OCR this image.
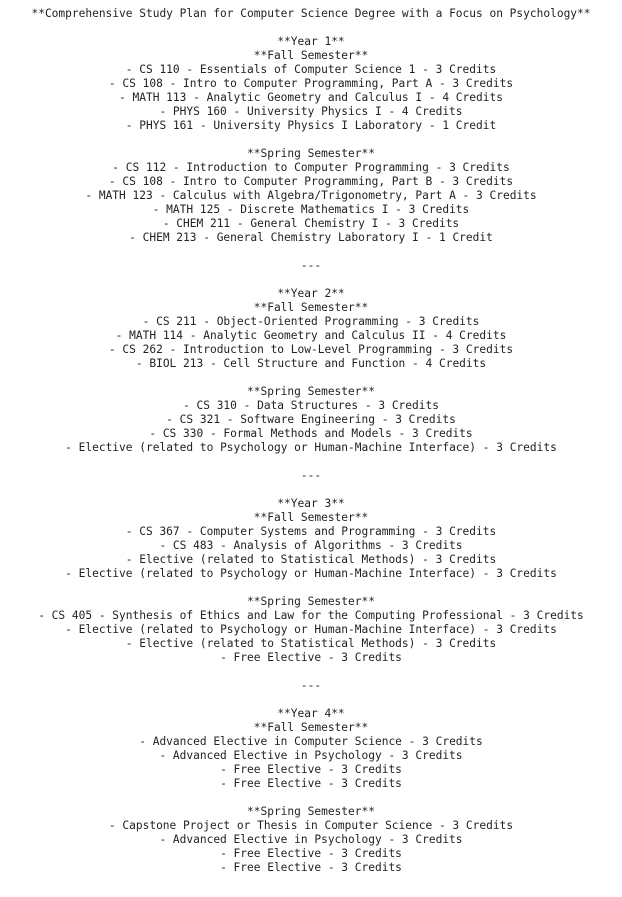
**Comprehensive Study Plan for Computer Science Degree with a Focus on Psychology**
**Year 1**
**Fall Semester**
- CS 110 - Essentials of Computer Science 1 - 3 Credits
- CS 108 - Intro to Computer Programming, Part A - 3 Credits
- MATH 113 - Analytic Geometry and Calculus I - 4 Credits
- PHYS 160 - University Physics I - 4 Credits
- PHYS 161 - University Physics I Laboratory - 1 Credit
**Spring Semester**
- CS 112 - Introduction to Computer Programming - 3 Credits
- CS 108 - Intro to Computer Programming, Part B - 3 Credits
- MATH 123 - Calculus with Algebra/Trigonometry, Part A - 3 Credits
- MATH 125 - Discrete Mathematics I - 3 Credits
- CHEM 211 - General Chemistry I - 3 Credits
- CHEM 213 - General Chemistry Laboratory I - 1 Credit
---
**Year 2**
**Fall Semester**
- CS 211 - Object-Oriented Programming - 3 Credits
- MATH 114 - Analytic Geometry and Calculus II - 4 Credits
- CS 262 - Introduction to Low-Level Programming - 3 Credits
- BIOL 213 - Cell Structure and Function - 4 Credits
**Spring Semester**
- CS 310 - Data Structures - 3 Credits
- CS 321 - Software Engineering - 3 Credits
- CS 330 - Formal Methods and Models - 3 Credits
- Elective (related to Psychology or Human-Machine Interface) - 3 Credits
---
**Year 3**
**Fall Semester**
- CS 367 - Computer Systems and Programming - 3 Credits
- CS 483 - Analysis of Algorithms - 3 Credits
- Elective (related to Statistical Methods) - 3 Credits
- Elective (related to Psychology or Human-Machine Interface) - 3 Credits
**Spring Semester**
- CS 405 - Synthesis of Ethics and Law for the Computing Professional - 3 Credits
- Elective (related to Psychology or Human-Machine Interface) - 3 Credits
- Elective (related to Statistical Methods) - 3 Credits
- Free Elective - 3 Credits
---
**Year 4**
**Fall Semester**
- Advanced Elective in Computer Science - 3 Credits
- Advanced Elective in Psychology - 3 Credits
- Free Elective - 3 Credits
- Free Elective - 3 Credits
**Spring Semester**
- Capstone Project or Thesis in Computer Science - 3 Credits
- Advanced Elective in Psychology - 3 Credits
- Free Elective - 3 Credits
- Free Elective - 3 Credits
